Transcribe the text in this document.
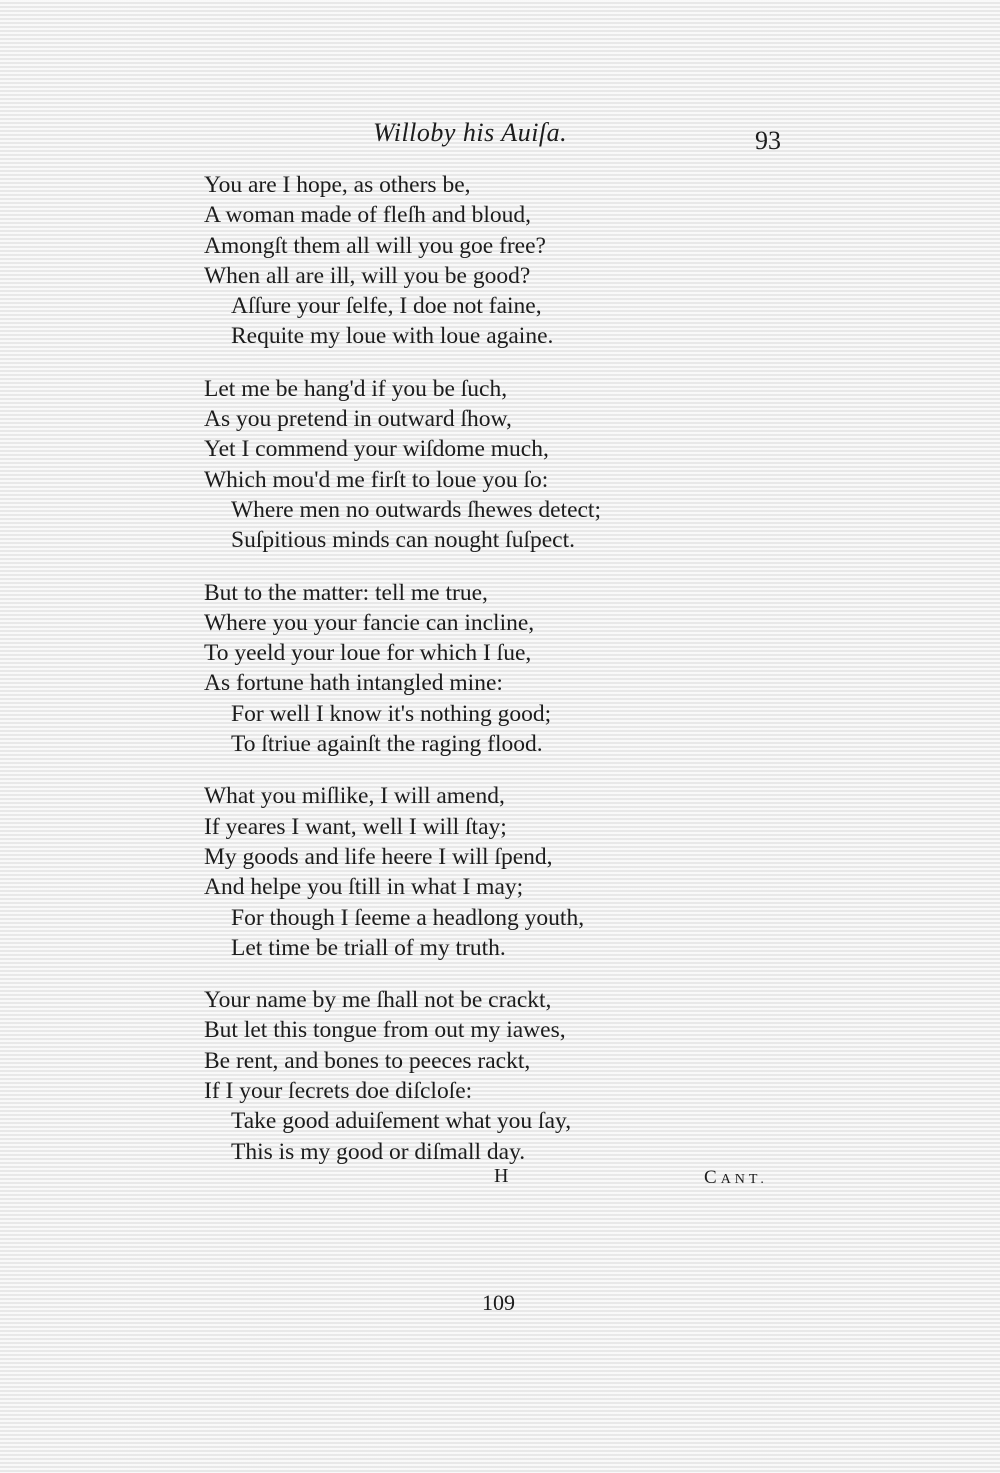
Willoby his Auiſa.	93
You are I hope, as others be,
A woman made of fleſh and bloud,
Amongſt them all will you goe free?
When all are ill, will you be good?
Aſſure your ſelfe, I doe not faine,
Requite my loue with loue againe.
Let me be hang'd if you be ſuch,
As you pretend in outward ſhow,
Yet I commend your wiſdome much,
Which mou'd me firſt to loue you ſo:
Where men no outwards ſhewes detect;
Suſpitious minds can nought ſuſpect.
But to the matter: tell me true,
Where you your fancie can incline,
To yeeld your loue for which I ſue,
As fortune hath intangled mine:
For well I know it's nothing good;
To ſtriue againſt the raging flood.
What you miſlike, I will amend,
If yeares I want, well I will ſtay;
My goods and life heere I will ſpend,
And helpe you ſtill in what I may;
For though I ſeeme a headlong youth,
Let time be triall of my truth.
Your name by me ſhall not be crackt,
But let this tongue from out my iawes,
Be rent, and bones to peeces rackt,
If I your ſecrets doe diſcloſe:
Take good aduiſement what you ſay,
This is my good or diſmall day.
H	CANT.
109
